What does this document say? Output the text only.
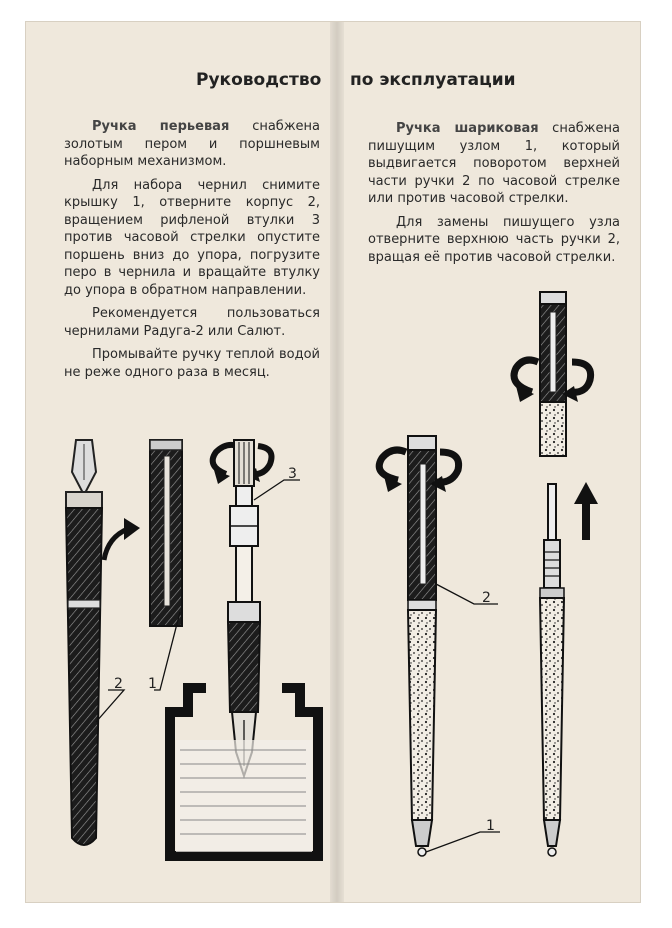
Руководство по эксплуатации

Ручка перьевая снабжена золотым пером и поршневым наборным механизмом.

Для набора чернил снимите крышку 1, отверните корпус 2, вращением рифленой втулки 3 против часовой стрелки опустите поршень вниз до упора, погрузите перо в чернила и вращайте втулку до упора в обратном направлении.

Рекомендуется пользоваться чернилами Радуга-2 или Салют.

Промывайте ручку теплой водой не реже одного раза в месяц.

Ручка шариковая снабжена пишущим узлом 1, который выдвигается поворотом верхней части ручки 2 по часовой стрелке или против часовой стрелки.

Для замены пишущего узла отверните верхнюю часть ручки 2, вращая её против часовой стрелки.

1
2
3
2
1
